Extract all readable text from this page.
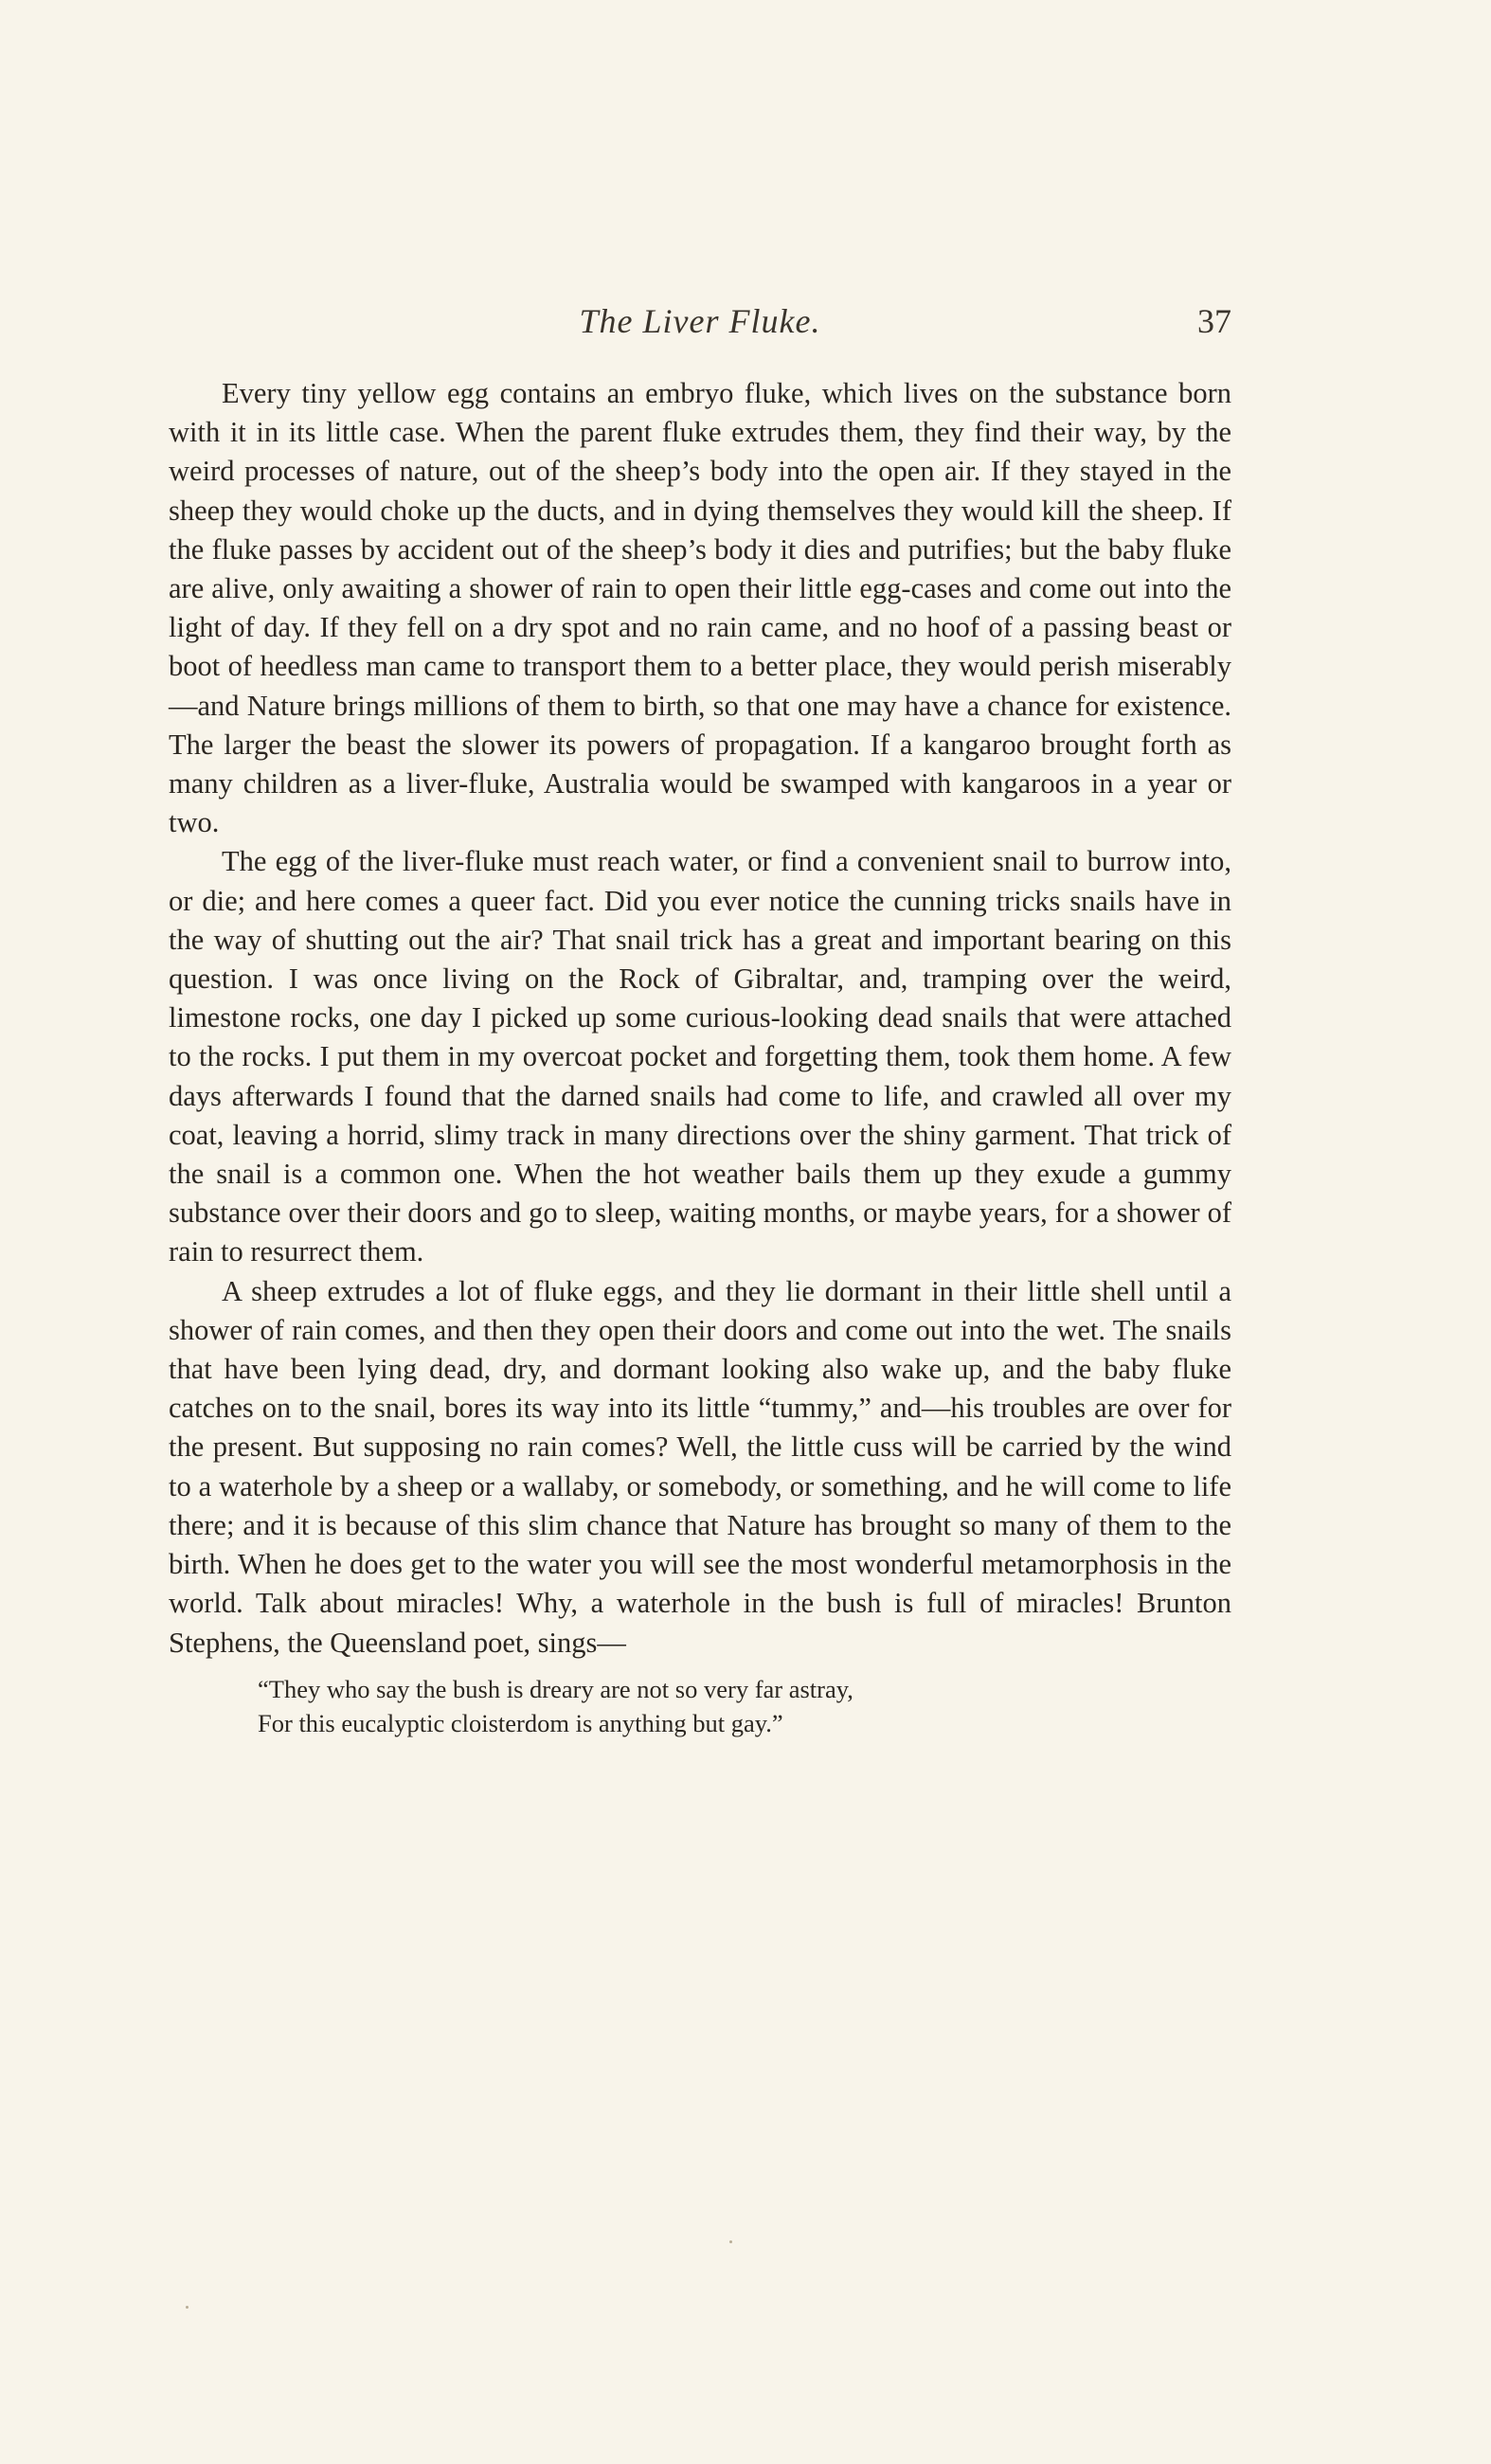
The Liver Fluke.	37

Every tiny yellow egg contains an embryo fluke, which lives on the substance born with it in its little case. When the parent fluke extrudes them, they find their way, by the weird processes of nature, out of the sheep’s body into the open air. If they stayed in the sheep they would choke up the ducts, and in dying themselves they would kill the sheep. If the fluke passes by accident out of the sheep’s body it dies and putrifies; but the baby fluke are alive, only awaiting a shower of rain to open their little egg-cases and come out into the light of day. If they fell on a dry spot and no rain came, and no hoof of a passing beast or boot of heedless man came to transport them to a better place, they would perish miserably—and Nature brings millions of them to birth, so that one may have a chance for existence. The larger the beast the slower its powers of propagation. If a kangaroo brought forth as many children as a liver-fluke, Australia would be swamped with kangaroos in a year or two.

The egg of the liver-fluke must reach water, or find a convenient snail to burrow into, or die; and here comes a queer fact. Did you ever notice the cunning tricks snails have in the way of shutting out the air? That snail trick has a great and important bearing on this question. I was once living on the Rock of Gibraltar, and, tramping over the weird, limestone rocks, one day I picked up some curious-looking dead snails that were attached to the rocks. I put them in my overcoat pocket and forgetting them, took them home. A few days afterwards I found that the darned snails had come to life, and crawled all over my coat, leaving a horrid, slimy track in many directions over the shiny garment. That trick of the snail is a common one. When the hot weather bails them up they exude a gummy substance over their doors and go to sleep, waiting months, or maybe years, for a shower of rain to resurrect them.

A sheep extrudes a lot of fluke eggs, and they lie dormant in their little shell until a shower of rain comes, and then they open their doors and come out into the wet. The snails that have been lying dead, dry, and dormant looking also wake up, and the baby fluke catches on to the snail, bores its way into its little “tummy,” and—his troubles are over for the present. But supposing no rain comes? Well, the little cuss will be carried by the wind to a waterhole by a sheep or a wallaby, or somebody, or something, and he will come to life there; and it is because of this slim chance that Nature has brought so many of them to the birth. When he does get to the water you will see the most wonderful metamorphosis in the world. Talk about miracles! Why, a waterhole in the bush is full of miracles! Brunton Stephens, the Queensland poet, sings—

“They who say the bush is dreary are not so very far astray,
For this eucalyptic cloisterdom is anything but gay.”
